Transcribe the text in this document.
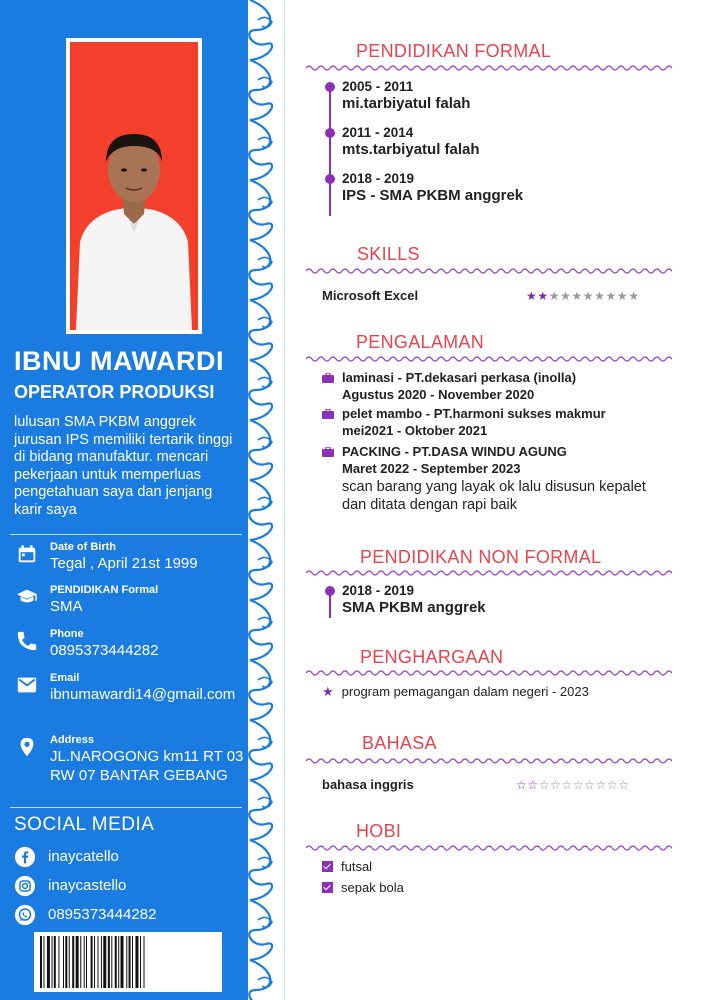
IBNU MAWARDI
OPERATOR PRODUKSI
lulusan SMA PKBM anggrek jurusan IPS memiliki tertarik tinggi di bidang manufaktur. mencari pekerjaan untuk memperluas pengetahuan saya dan jenjang karir saya
Date of Birth
Tegal , April 21st 1999
PENDIDIKAN Formal
SMA
Phone
0895373444282
Email
ibnumawardi14@gmail.com
Address
JL.NAROGONG km11 RT 03 RW 07 BANTAR GEBANG
SOCIAL MEDIA
inaycatello
inaycastello
0895373444282
PENDIDIKAN FORMAL
2005 - 2011
mi.tarbiyatul falah
2011 - 2014
mts.tarbiyatul falah
2018 - 2019
IPS - SMA PKBM anggrek
SKILLS
Microsoft Excel	★★★★★★★★★★
PENGALAMAN
laminasi - PT.dekasari perkasa (inolla)
Agustus 2020 - November 2020
pelet mambo - PT.harmoni sukses makmur
mei2021 - Oktober 2021
PACKING - PT.DASA WINDU AGUNG
Maret 2022 - September 2023
scan barang yang layak ok lalu disusun kepalet dan ditata dengan rapi baik
PENDIDIKAN NON FORMAL
2018 - 2019
SMA PKBM anggrek
PENGHARGAAN
★ program pemagangan dalam negeri - 2023
BAHASA
bahasa inggris	☆☆☆☆☆☆☆☆☆☆
HOBI
futsal
sepak bola
